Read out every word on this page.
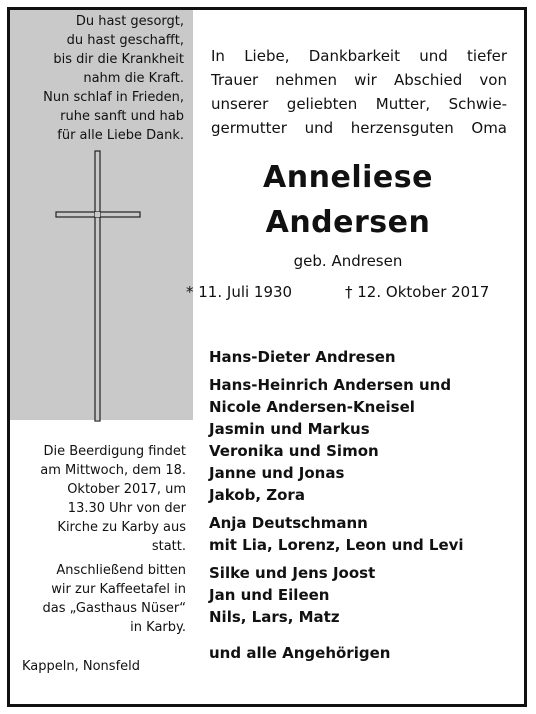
Du hast gesorgt,
du hast geschafft,
bis dir die Krankheit
nahm die Kraft.
Nun schlaf in Frieden,
ruhe sanft und hab
für alle Liebe Dank.
Die Beerdigung findet
am Mittwoch, dem 18.
Oktober 2017, um
13.30 Uhr von der
Kirche zu Karby aus
statt.
Anschließend bitten
wir zur Kaffeetafel in
das „Gasthaus Nüser“
in Karby.
Kappeln, Nonsfeld
In Liebe, Dankbarkeit und tiefer
Trauer nehmen wir Abschied von
unserer geliebten Mutter, Schwie-
germutter und herzensguten Oma
Anneliese
Andersen
geb. Andresen
* 11. Juli 1930	† 12. Oktober 2017
Hans-Dieter Andresen
Hans-Heinrich Andersen und
Nicole Andersen-Kneisel
Jasmin und Markus
Veronika und Simon
Janne und Jonas
Jakob, Zora
Anja Deutschmann
mit Lia, Lorenz, Leon und Levi
Silke und Jens Joost
Jan und Eileen
Nils, Lars, Matz
und alle Angehörigen
